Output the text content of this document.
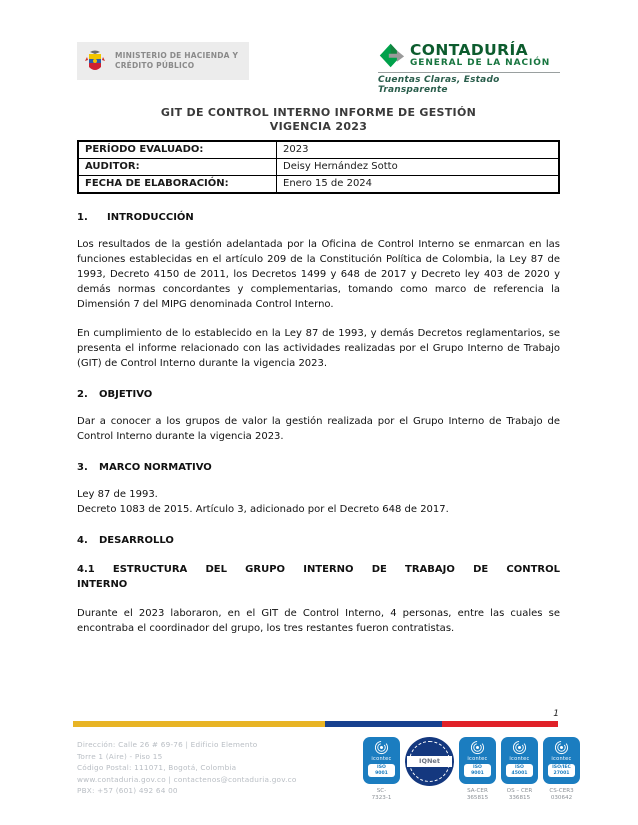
MINISTERIO DE HACIENDA Y
CRÉDITO PÚBLICO
CONTADURÍA
GENERAL DE LA NACIÓN
Cuentas Claras, Estado Transparente
GIT DE CONTROL INTERNO INFORME DE GESTIÓN
VIGENCIA 2023
PERÍODO EVALUADO:	2023
AUDITOR:	Deisy Hernández Sotto
FECHA DE ELABORACIÓN:	Enero 15 de 2024
1. INTRODUCCIÓN
Los resultados de la gestión adelantada por la Oficina de Control Interno se enmarcan en las funciones establecidas en el artículo 209 de la Constitución Política de Colombia, la Ley 87 de 1993, Decreto 4150 de 2011, los Decretos 1499 y 648 de 2017 y Decreto ley 403 de 2020 y demás normas concordantes y complementarias, tomando como marco de referencia la Dimensión 7 del MIPG denominada Control Interno.
En cumplimiento de lo establecido en la Ley 87 de 1993, y demás Decretos reglamentarios, se presenta el informe relacionado con las actividades realizadas por el Grupo Interno de Trabajo (GIT) de Control Interno durante la vigencia 2023.
2. OBJETIVO
Dar a conocer a los grupos de valor la gestión realizada por el Grupo Interno de Trabajo de Control Interno durante la vigencia 2023.
3. MARCO NORMATIVO
Ley 87 de 1993.
Decreto 1083 de 2015. Artículo 3, adicionado por el Decreto 648 de 2017.
4. DESARROLLO
4.1 ESTRUCTURA DEL GRUPO INTERNO DE TRABAJO DE CONTROL
INTERNO
Durante el 2023 laboraron, en el GIT de Control Interno, 4 personas, entre las cuales se encontraba el coordinador del grupo, los tres restantes fueron contratistas.
1
Dirección: Calle 26 # 69-76 | Edificio Elemento
Torre 1 (Aire) - Piso 15
Código Postal: 111071, Bogotá, Colombia
www.contaduria.gov.co | contactenos@contaduria.gov.co
PBX: +57 (601) 492 64 00
icontec
ISO 9001
SC-
7323-1
IQNet	icontec
ISO 9001
SA-CER
365815
icontec
ISO 45001
OS – CER
336815
icontec
ISO/IEC 27001
CS-CER3
030642
